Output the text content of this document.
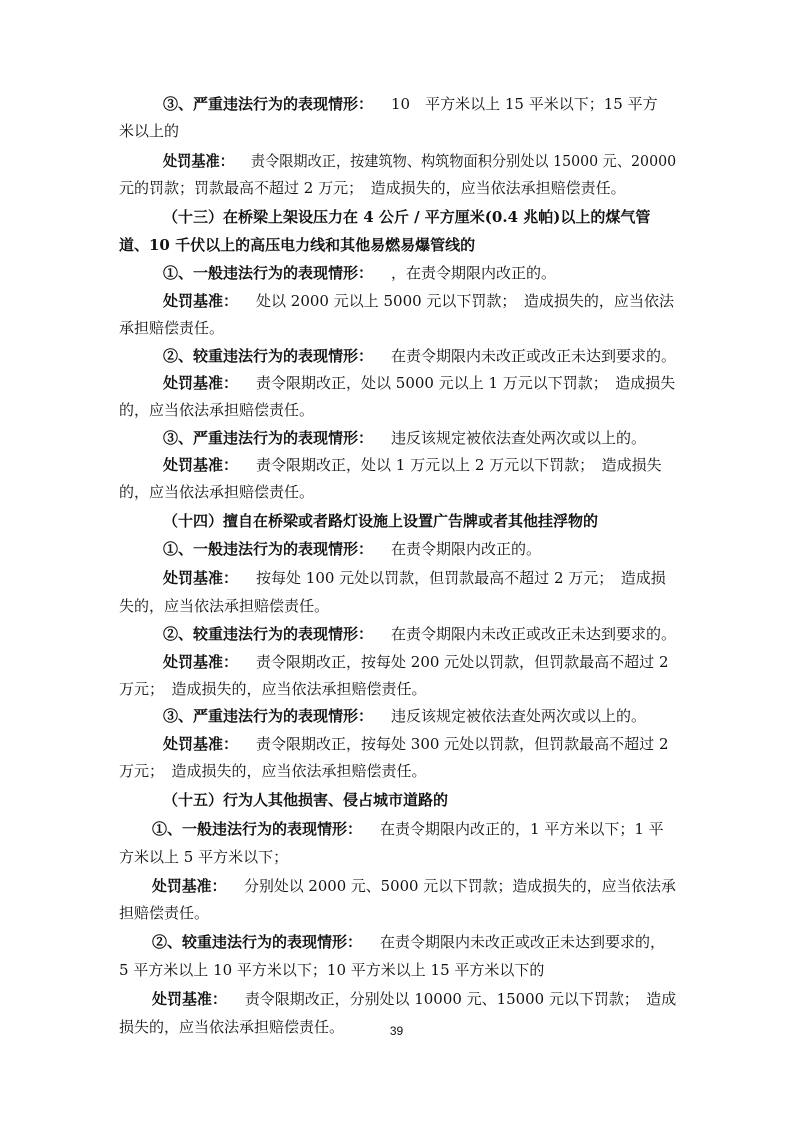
③、严重违法行为的表现情形： 10　平方米以上 15 平米以下；15 平方
米以上的
处罚基准： 责令限期改正，按建筑物、构筑物面积分别处以 15000 元、20000
元的罚款；罚款最高不超过 2 万元；　造成损失的，应当依法承担赔偿责任。
（十三）在桥梁上架设压力在 4 公斤 / 平方厘米(0.4 兆帕)以上的煤气管
道、10 千伏以上的高压电力线和其他易燃易爆管线的
①、一般违法行为的表现情形： ，在责令期限内改正的。
处罚基准： 处以 2000 元以上 5000 元以下罚款；　造成损失的，应当依法
承担赔偿责任。
②、较重违法行为的表现情形： 在责令期限内未改正或改正未达到要求的。
处罚基准： 责令限期改正，处以 5000 元以上 1 万元以下罚款；　造成损失
的，应当依法承担赔偿责任。
③、严重违法行为的表现情形： 违反该规定被依法查处两次或以上的。
处罚基准： 责令限期改正，处以 1 万元以上 2 万元以下罚款；　造成损失
的，应当依法承担赔偿责任。
（十四）擅自在桥梁或者路灯设施上设置广告牌或者其他挂浮物的
①、一般违法行为的表现情形： 在责令期限内改正的。
处罚基准： 按每处 100 元处以罚款，但罚款最高不超过 2 万元；　造成损
失的，应当依法承担赔偿责任。
②、较重违法行为的表现情形： 在责令期限内未改正或改正未达到要求的。
处罚基准： 责令限期改正，按每处 200 元处以罚款，但罚款最高不超过 2
万元；　造成损失的，应当依法承担赔偿责任。
③、严重违法行为的表现情形： 违反该规定被依法查处两次或以上的。
处罚基准： 责令限期改正，按每处 300 元处以罚款，但罚款最高不超过 2
万元；　造成损失的，应当依法承担赔偿责任。
（十五）行为人其他损害、侵占城市道路的
①、一般违法行为的表现情形： 在责令期限内改正的，1 平方米以下；1 平
方米以上 5 平方米以下；
处罚基准： 分别处以 2000 元、5000 元以下罚款；造成损失的，应当依法承
担赔偿责任。
②、较重违法行为的表现情形： 在责令期限内未改正或改正未达到要求的，
5 平方米以上 10 平方米以下；10 平方米以上 15 平方米以下的
处罚基准： 责令限期改正，分别处以 10000 元、15000 元以下罚款；　造成
损失的，应当依法承担赔偿责任。	39
